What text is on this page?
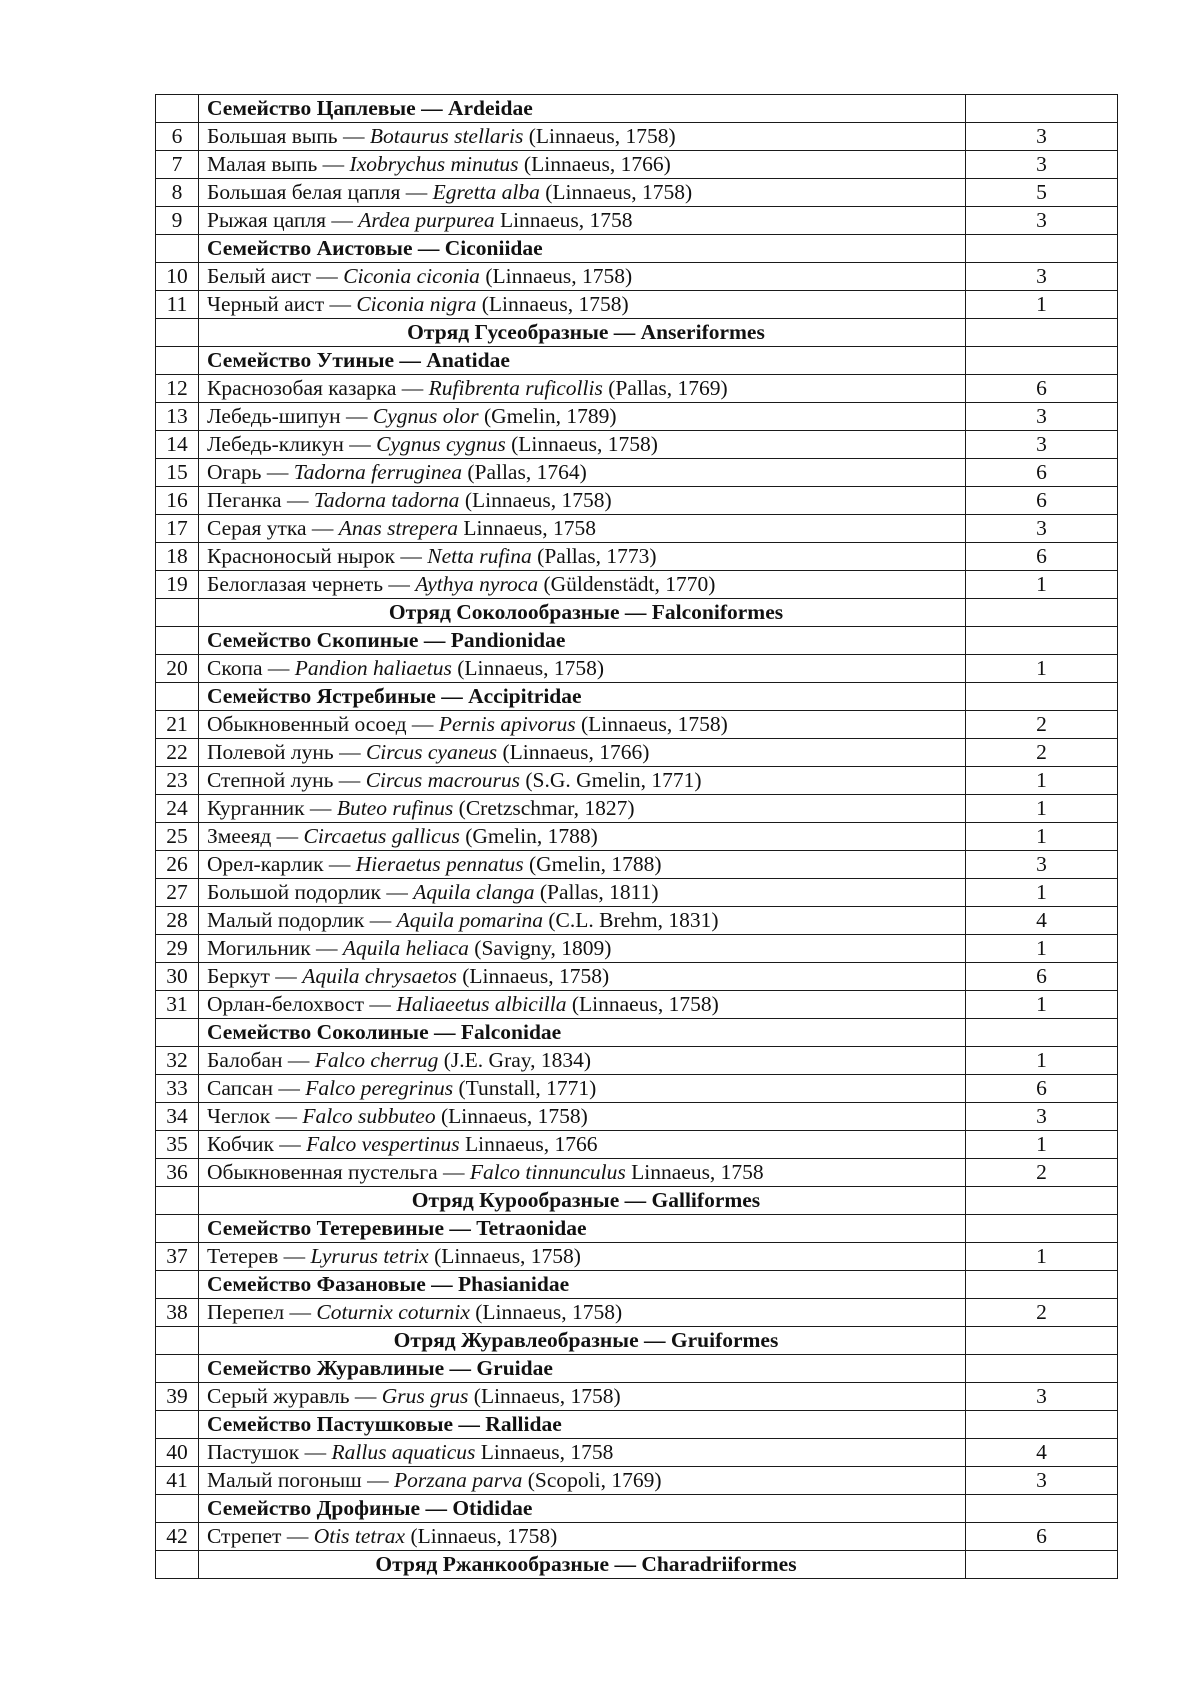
	Семейство Цаплевые — Ardeidae	
6	Большая выпь — Botaurus stellaris (Linnaeus, 1758)	3
7	Малая выпь — Ixobrychus minutus (Linnaeus, 1766)	3
8	Большая белая цапля — Egretta alba (Linnaeus, 1758)	5
9	Рыжая цапля — Ardea purpurea Linnaeus, 1758	3
	Семейство Аистовые — Ciconiidae	
10	Белый аист — Ciconia ciconia (Linnaeus, 1758)	3
11	Черный аист — Ciconia nigra (Linnaeus, 1758)	1
	Отряд Гусеобразные — Anseriformes	
	Семейство Утиные — Anatidae	
12	Краснозобая казарка — Rufibrenta ruficollis (Pallas, 1769)	6
13	Лебедь-шипун — Cygnus olor (Gmelin, 1789)	3
14	Лебедь-кликун — Cygnus cygnus (Linnaeus, 1758)	3
15	Огарь — Tadorna ferruginea (Pallas, 1764)	6
16	Пеганка — Tadorna tadorna (Linnaeus, 1758)	6
17	Серая утка — Anas strepera Linnaeus, 1758	3
18	Красноносый нырок — Netta rufina (Pallas, 1773)	6
19	Белоглазая чернеть — Aythya nyroca (Güldenstädt, 1770)	1
	Отряд Соколообразные — Falconiformes	
	Семейство Скопиные — Pandionidae	
20	Скопа — Pandion haliaetus (Linnaeus, 1758)	1
	Семейство Ястребиные — Accipitridae	
21	Обыкновенный осоед — Pernis apivorus (Linnaeus, 1758)	2
22	Полевой лунь — Circus cyaneus (Linnaeus, 1766)	2
23	Степной лунь — Circus macrourus (S.G. Gmelin, 1771)	1
24	Курганник — Buteo rufinus (Cretzschmar, 1827)	1
25	Змееяд — Circaetus gallicus (Gmelin, 1788)	1
26	Орел-карлик — Hieraetus pennatus (Gmelin, 1788)	3
27	Большой подорлик — Aquila clanga (Pallas, 1811)	1
28	Малый подорлик — Aquila pomarina (C.L. Brehm, 1831)	4
29	Могильник — Aquila heliaca (Savigny, 1809)	1
30	Беркут — Aquila chrysaetos (Linnaeus, 1758)	6
31	Орлан-белохвост — Haliaeetus albicilla (Linnaeus, 1758)	1
	Семейство Соколиные — Falconidae	
32	Балобан — Falco cherrug (J.E. Gray, 1834)	1
33	Сапсан — Falco peregrinus (Tunstall, 1771)	6
34	Чеглок — Falco subbuteo (Linnaeus, 1758)	3
35	Кобчик — Falco vespertinus Linnaeus, 1766	1
36	Обыкновенная пустельга — Falco tinnunculus Linnaeus, 1758	2
	Отряд Курообразные — Galliformes	
	Семейство Тетеревиные — Tetraonidae	
37	Тетерев — Lyrurus tetrix (Linnaeus, 1758)	1
	Семейство Фазановые — Phasianidae	
38	Перепел — Coturnix coturnix (Linnaeus, 1758)	2
	Отряд Журавлеобразные — Gruiformes	
	Семейство Журавлиные — Gruidae	
39	Серый журавль — Grus grus (Linnaeus, 1758)	3
	Семейство Пастушковые — Rallidae	
40	Пастушок — Rallus aquaticus Linnaeus, 1758	4
41	Малый погоныш — Porzana parva (Scopoli, 1769)	3
	Семейство Дрофиные — Otididae	
42	Стрепет — Otis tetrax (Linnaeus, 1758)	6
	Отряд Ржанкообразные — Charadriiformes	
